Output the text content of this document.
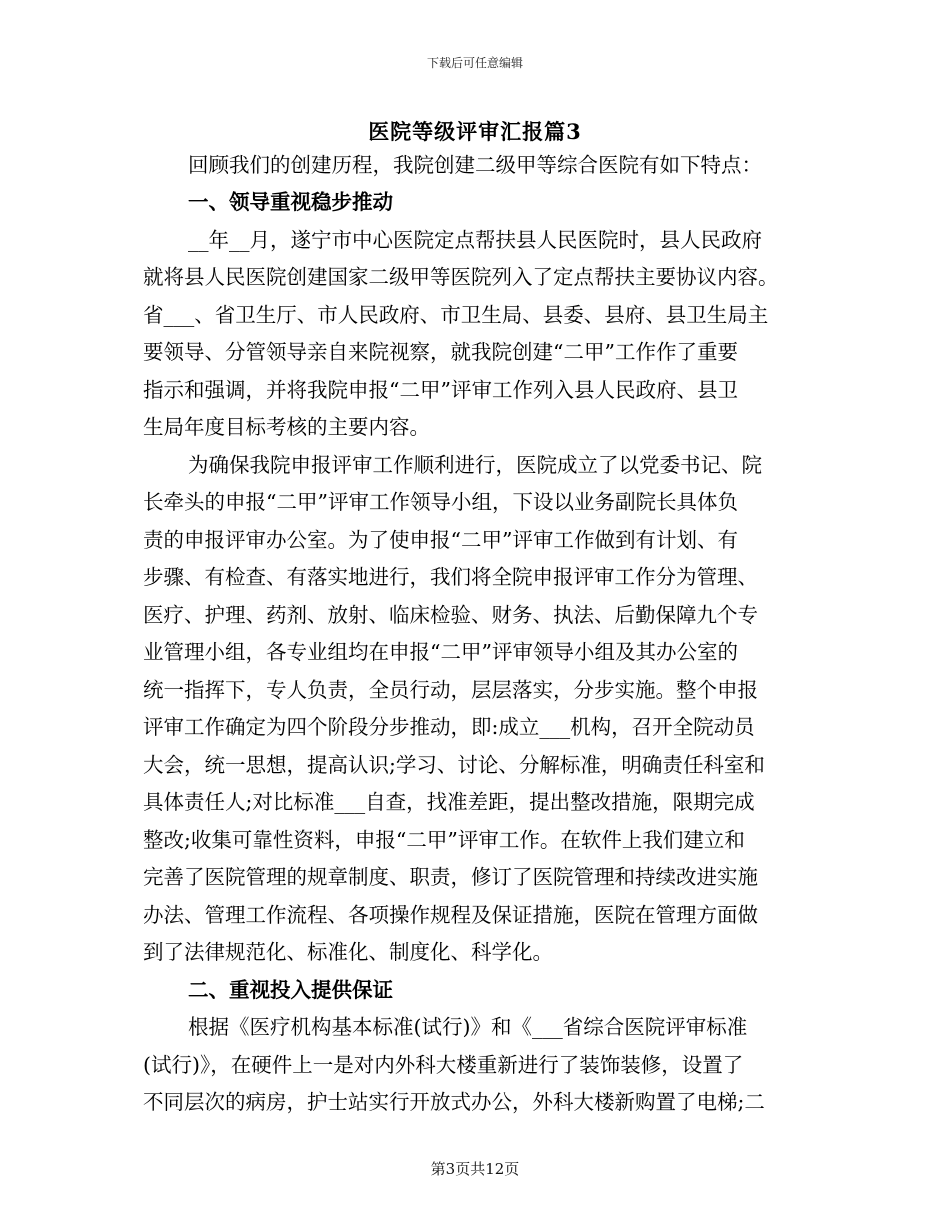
下载后可任意编辑
医院等级评审汇报篇3
回顾我们的创建历程，我院创建二级甲等综合医院有如下特点：
一、领导重视稳步推动
__年__月，遂宁市中心医院定点帮扶县人民医院时，县人民政府
就将县人民医院创建国家二级甲等医院列入了定点帮扶主要协议内容。
省___、省卫生厅、市人民政府、市卫生局、县委、县府、县卫生局主
要领导、分管领导亲自来院视察，就我院创建“二甲”工作作了重要
指示和强调，并将我院申报“二甲”评审工作列入县人民政府、县卫
生局年度目标考核的主要内容。
为确保我院申报评审工作顺利进行，医院成立了以党委书记、院
长牵头的申报“二甲”评审工作领导小组，下设以业务副院长具体负
责的申报评审办公室。为了使申报“二甲”评审工作做到有计划、有
步骤、有检查、有落实地进行，我们将全院申报评审工作分为管理、
医疗、护理、药剂、放射、临床检验、财务、执法、后勤保障九个专
业管理小组，各专业组均在申报“二甲”评审领导小组及其办公室的
统一指挥下，专人负责，全员行动，层层落实，分步实施。整个申报
评审工作确定为四个阶段分步推动，即:成立___机构，召开全院动员
大会，统一思想，提高认识;学习、讨论、分解标准，明确责任科室和
具体责任人;对比标准___自查，找准差距，提出整改措施，限期完成
整改;收集可靠性资料，申报“二甲”评审工作。在软件上我们建立和
完善了医院管理的规章制度、职责，修订了医院管理和持续改进实施
办法、管理工作流程、各项操作规程及保证措施，医院在管理方面做
到了法律规范化、标准化、制度化、科学化。
二、重视投入提供保证
根据《医疗机构基本标准(试行)》和《___省综合医院评审标准
(试行)》，在硬件上一是对内外科大楼重新进行了装饰装修，设置了
不同层次的病房，护士站实行开放式办公，外科大楼新购置了电梯;二
第3页共12页
